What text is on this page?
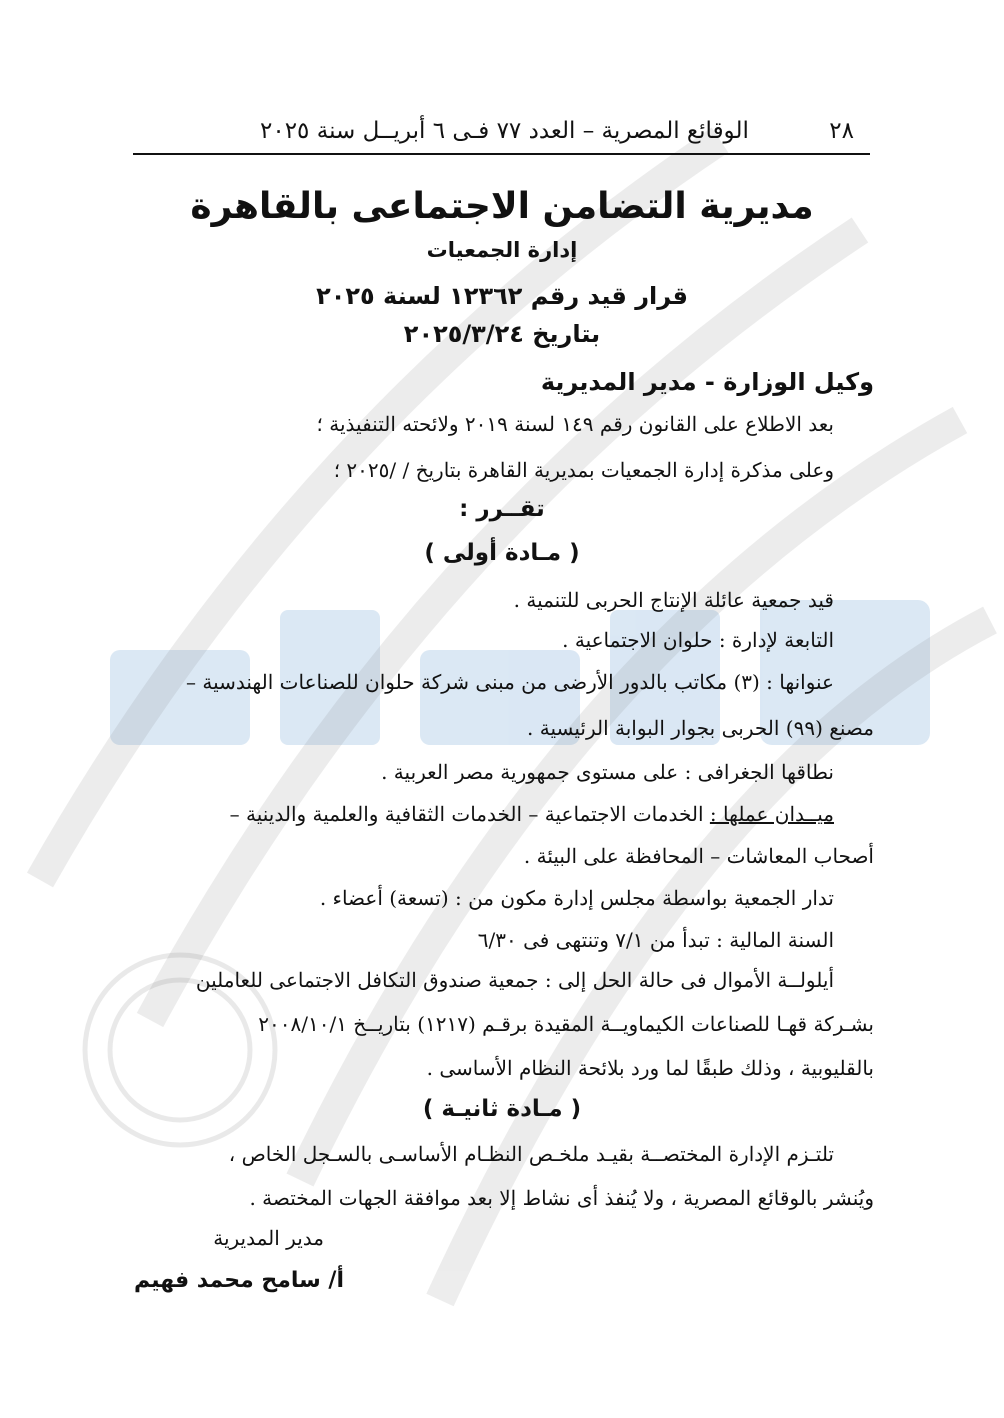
٢٨
الوقائع المصرية – العدد ٧٧ فـى ٦ أبريــل سنة ٢٠٢٥
مديرية التضامن الاجتماعى بالقاهرة
إدارة الجمعيات
قرار قيد رقم ١٢٣٦٢ لسنة ٢٠٢٥
بتاريخ ٢٠٢٥/٣/٢٤
وكيل الوزارة - مدير المديرية
بعد الاطلاع على القانون رقم ١٤٩ لسنة ٢٠١٩ ولائحته التنفيذية ؛
وعلى مذكرة إدارة الجمعيات بمديرية القاهرة بتاريخ / /٢٠٢٥ ؛
تقــرر :
( مـادة أولى )
قيد جمعية عائلة الإنتاج الحربى للتنمية .
التابعة لإدارة : حلوان الاجتماعية .
عنوانها : (٣) مكاتب بالدور الأرضى من مبنى شركة حلوان للصناعات الهندسية –
مصنع (٩٩) الحربى بجوار البوابة الرئيسية .
نطاقها الجغرافى : على مستوى جمهورية مصر العربية .
ميــدان عملها : الخدمات الاجتماعية – الخدمات الثقافية والعلمية والدينية –
أصحاب المعاشات – المحافظة على البيئة .
تدار الجمعية بواسطة مجلس إدارة مكون من : (تسعة) أعضاء .
السنة المالية : تبدأ من ٧/١ وتنتهى فى ٦/٣٠
أيلولــة الأموال فى حالة الحل إلى : جمعية صندوق التكافل الاجتماعى للعاملين
بشـركة قهـا للصناعات الكيماويــة المقيدة برقـم (١٢١٧) بتاريــخ ٢٠٠٨/١٠/١
بالقليوبية ، وذلك طبقًا لما ورد بلائحة النظام الأساسى .
( مـادة ثانيـة )
تلتـزم الإدارة المختصــة بقيـد ملخـص النظـام الأساسـى بالسـجل الخاص ،
ويُنشر بالوقائع المصرية ، ولا يُنفذ أى نشاط إلا بعد موافقة الجهات المختصة .
مدير المديرية
أ/ سامح محمد فهيم
